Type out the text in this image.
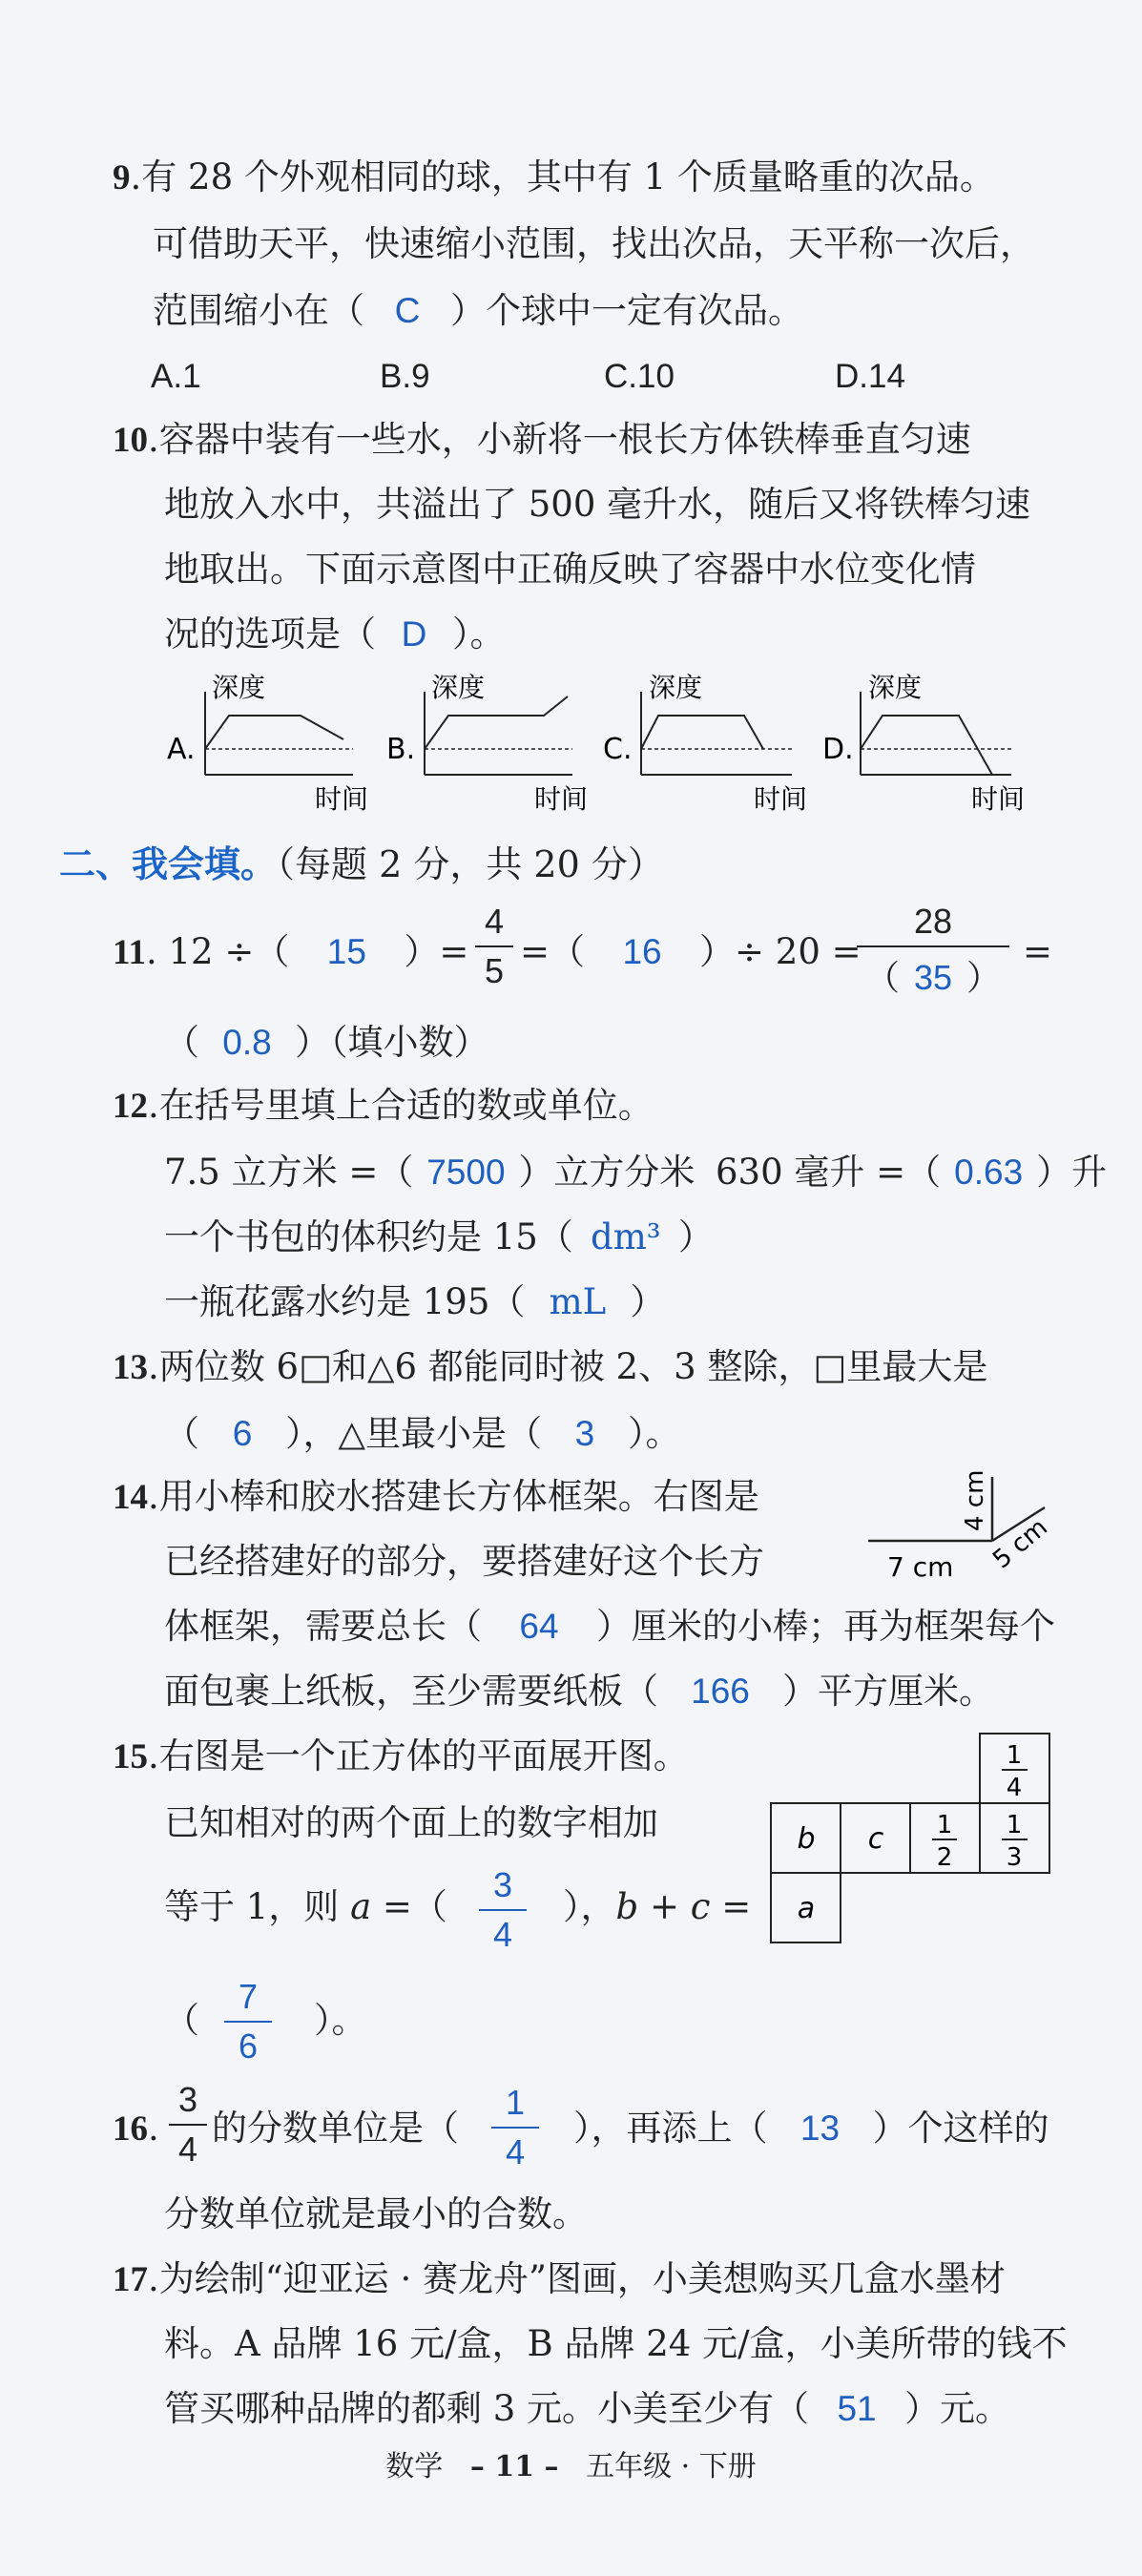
9.有 28 个外观相同的球，其中有 1 个质量略重的次品。
可借助天平，快速缩小范围，找出次品，天平称一次后，
范围缩小在（ C ）个球中一定有次品。
A.1	B.9	C.10	D.14
10.容器中装有一些水，小新将一根长方体铁棒垂直匀速
地放入水中，共溢出了 500 毫升水，随后又将铁棒匀速
地取出。下面示意图中正确反映了容器中水位变化情
况的选项是（ D ）。
A.
深度
时间
B.
深度
时间
C.
深度
时间
D.
深度
时间
二、我会填。（每题 2 分，共 20 分）
11. 12 ÷（ 15 ）=
4
5 =（ 16 ）÷ 20 =
28
（ 35 ）
=
（ 0.8 ）（填小数）
12.在括号里填上合适的数或单位。
7.5 立方米 =（ 7500 ）立方分米 630 毫升 =（ 0.63 ）升
一个书包的体积约是 15（ dm³ ）
一瓶花露水约是 195（ mL ）
13.两位数 6□和△6 都能同时被 2、3 整除，□里最大是
（ 6 ），△里最小是（ 3 ）。
14.用小棒和胶水搭建长方体框架。右图是
已经搭建好的部分，要搭建好这个长方
体框架，需要总长（ 64 ）厘米的小棒；再为框架每个
面包裹上纸板，至少需要纸板（ 166 ）平方厘米。
7 cm
4 cm
5 cm
15.右图是一个正方体的平面展开图。
已知相对的两个面上的数字相加
等于 1，则 a =（
3
4
），b + c =
（	）。
7
6
1
4
b c 1
2
1
3
a
16.
3
4
的分数单位是（	），再添上（ 13 ）个这样的
1
4
分数单位就是最小的合数。
17.为绘制“迎亚运 · 赛龙舟”图画，小美想购买几盒水墨材
料。A 品牌 16 元/盒，B 品牌 24 元/盒，小美所带的钱不
管买哪种品牌的都剩 3 元。小美至少有（ 51 ）元。
数学 – 11 – 五年级 · 下册
